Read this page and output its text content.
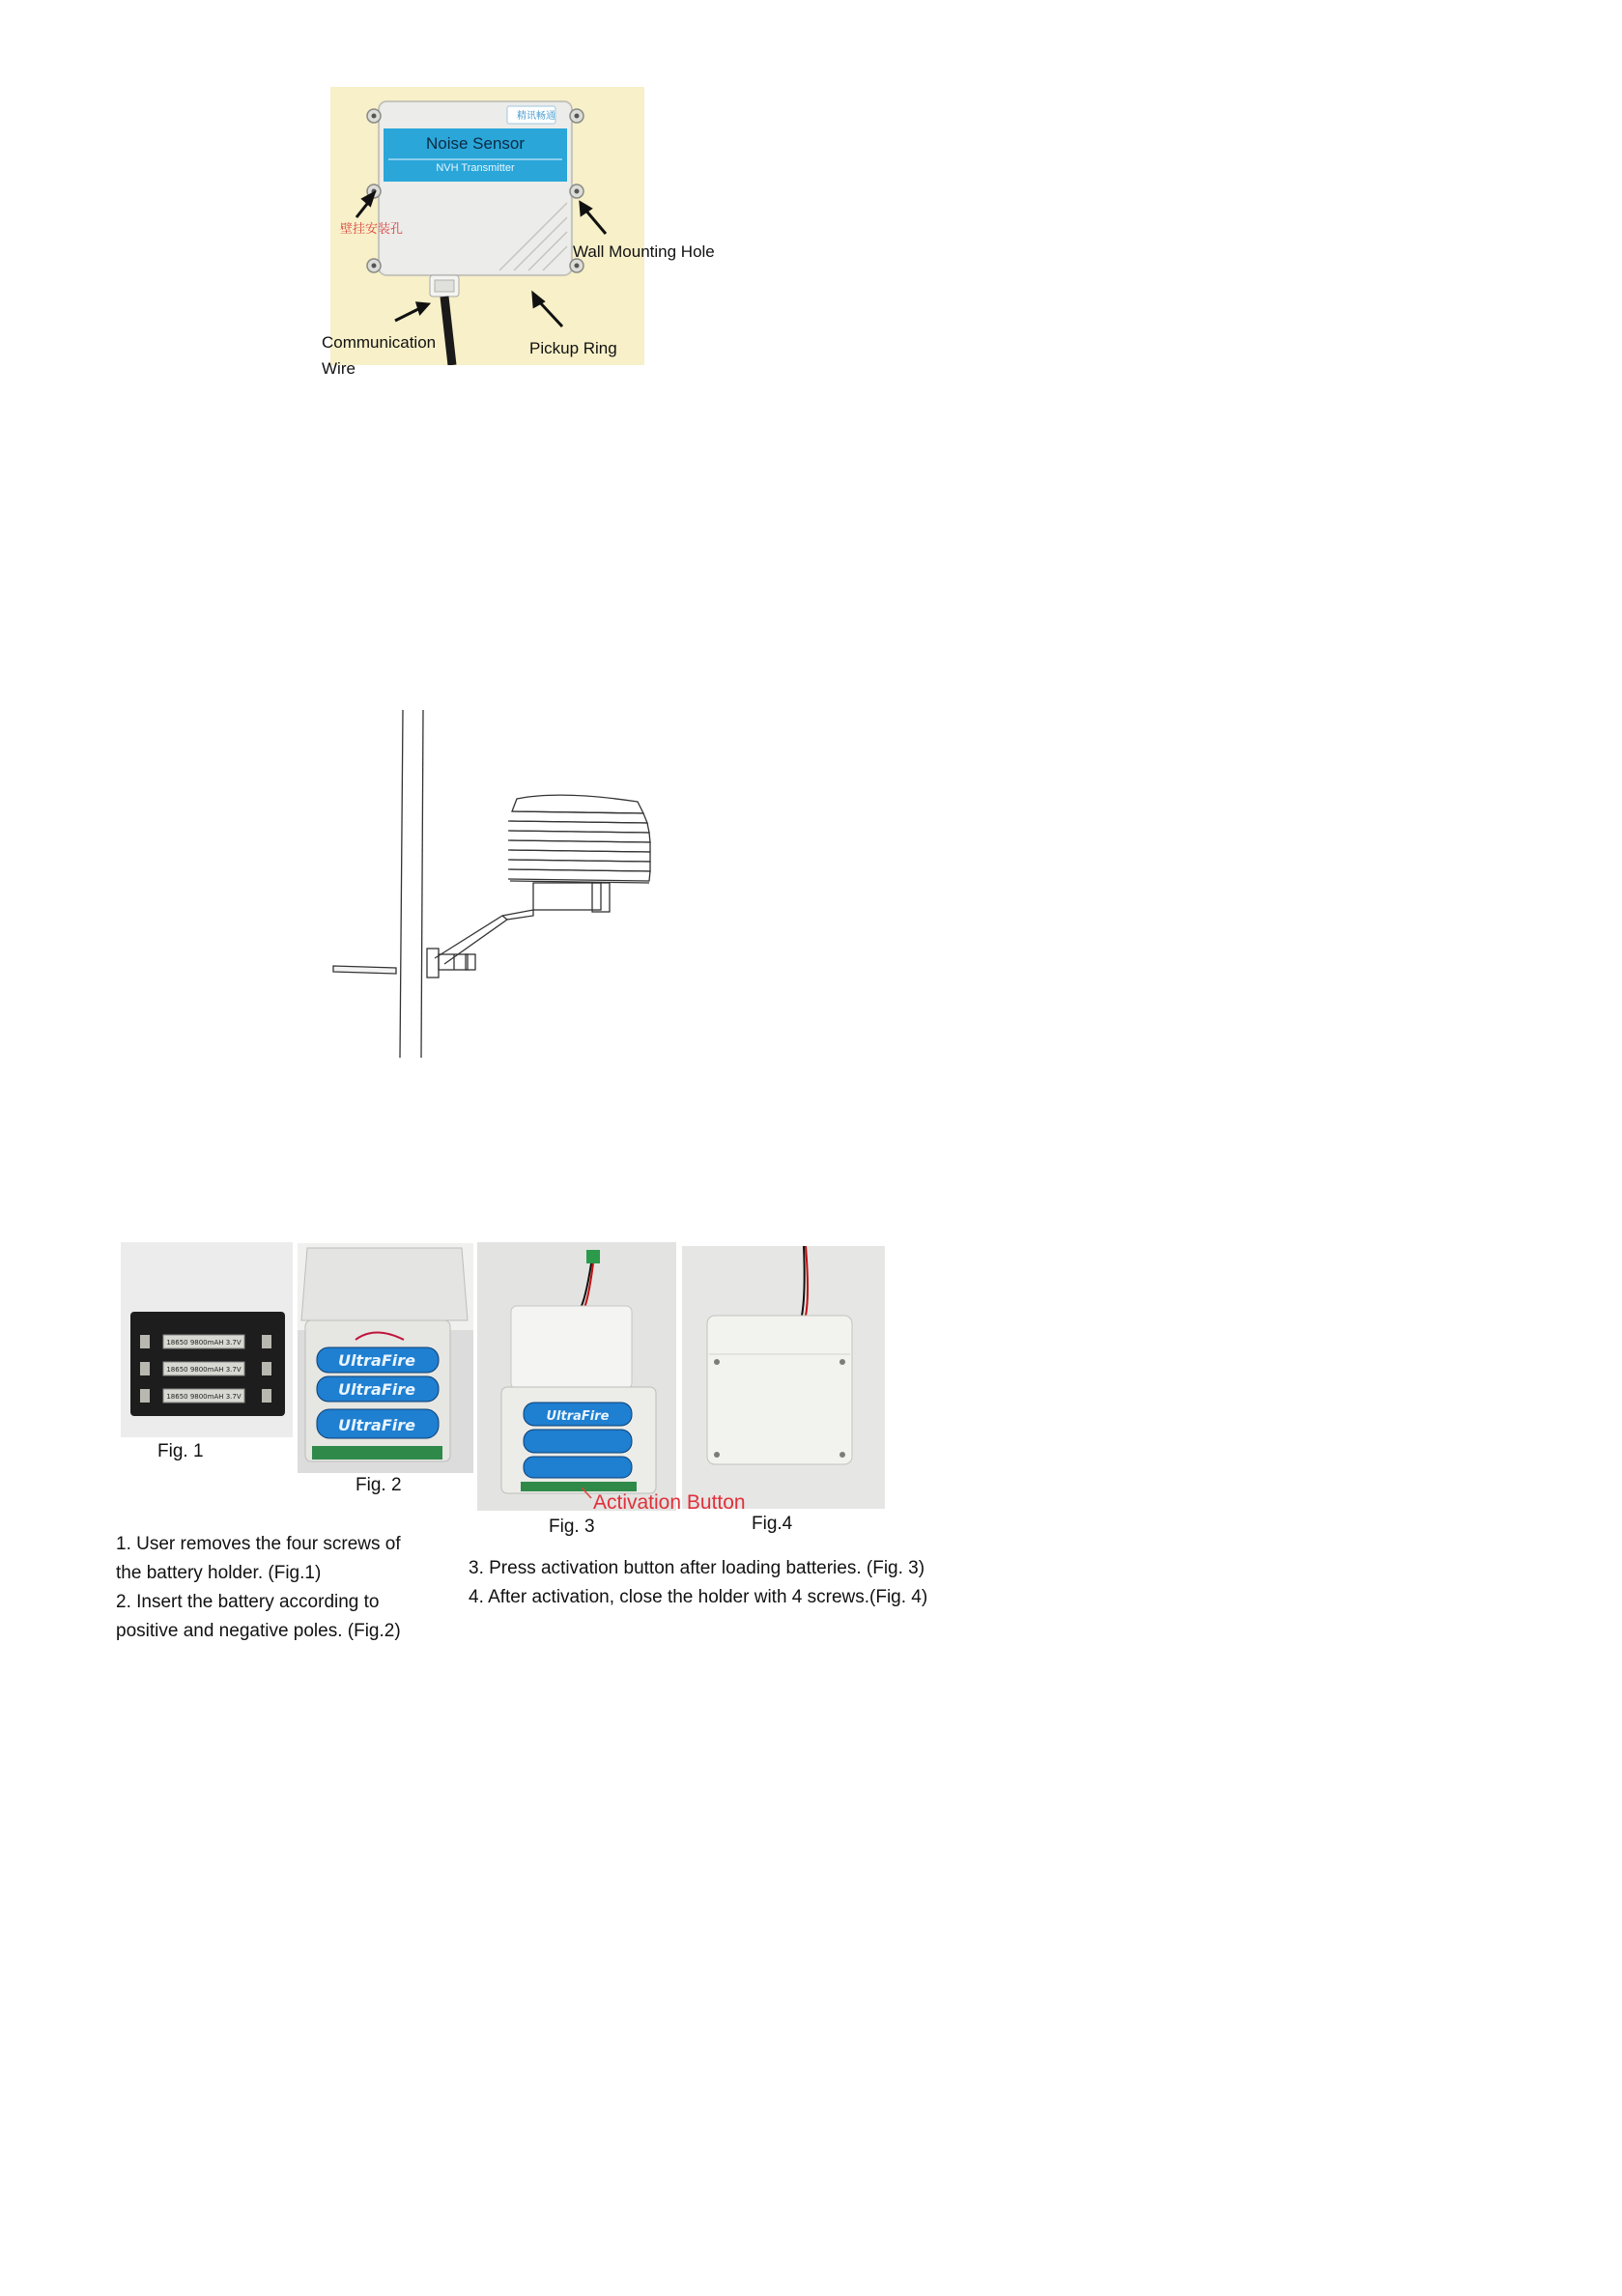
精讯畅通
Noise Sensor
NVH Transmitter
壁挂安装孔
Wall Mounting Hole
Communication
Wire
Pickup Ring
18650 9800mAH 3.7V
18650 9800mAH 3.7V
18650 9800mAH 3.7V
UltraFire
UltraFire
UltraFire	UltraFire
Fig. 1
Fig. 2
Fig. 3	Fig.4
Activation Button
1. User removes the four screws of
the battery holder. (Fig.1)
2. Insert the battery according to
positive and negative poles. (Fig.2)
3. Press activation button after loading batteries. (Fig. 3)
4. After activation, close the holder with 4 screws.(Fig. 4)
